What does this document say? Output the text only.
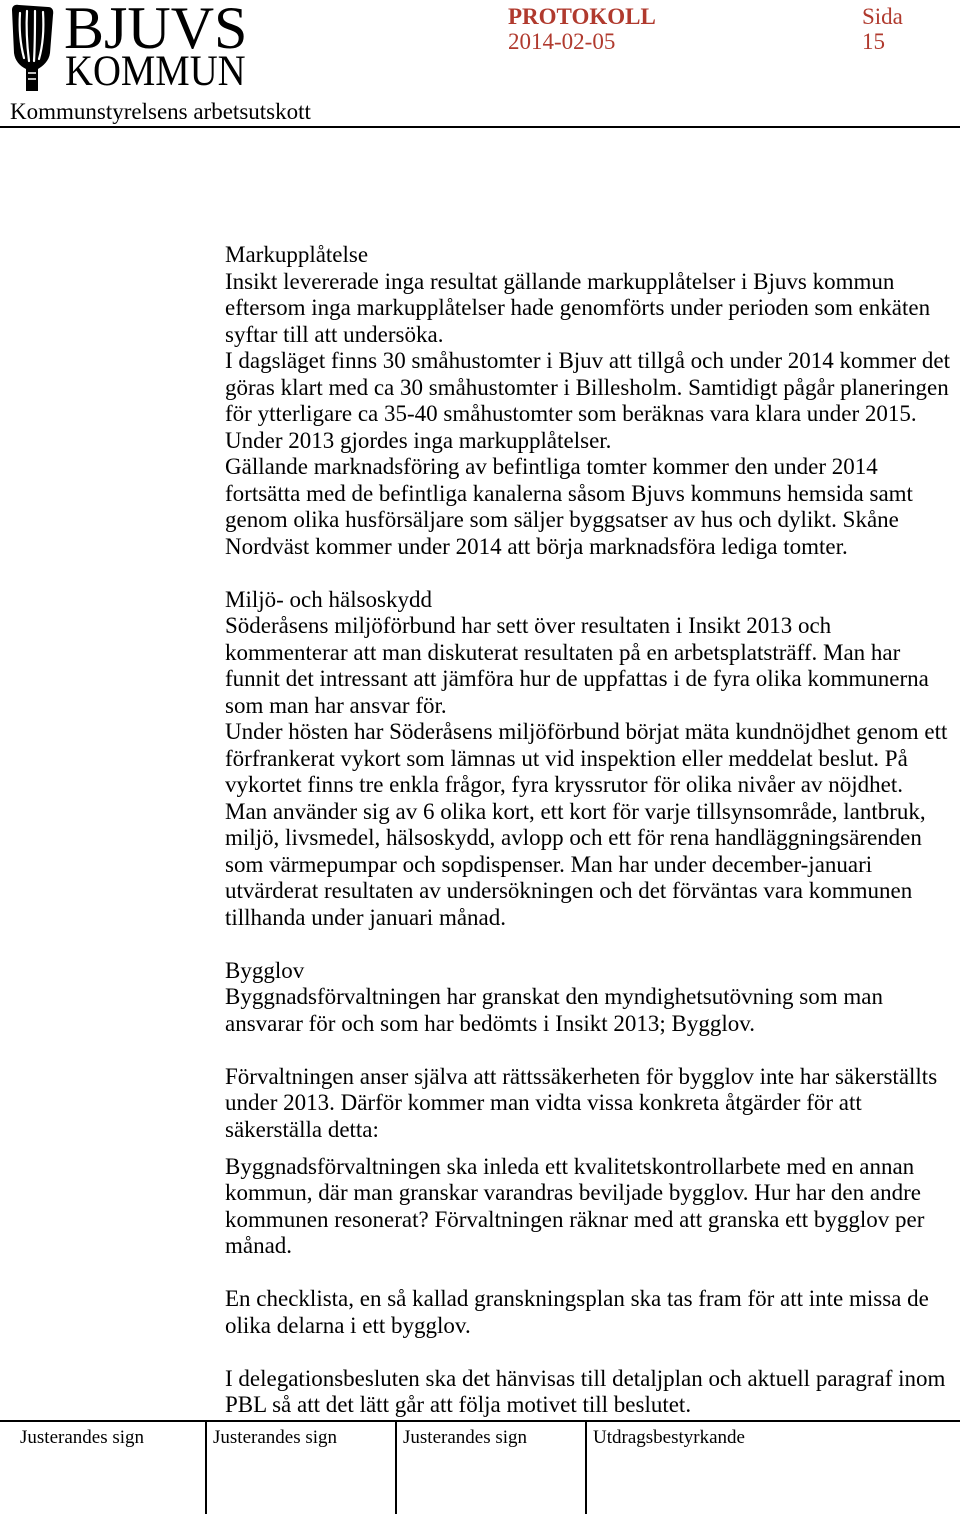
BJUVS
KOMMUN
PROTOKOLL
2014-02-05
Sida
15
Kommunstyrelsens arbetsutskott
Markupplåtelse
Insikt levererade inga resultat gällande markupplåtelser i Bjuvs kommun
eftersom inga markupplåtelser hade genomförts under perioden som enkäten
syftar till att undersöka.
I dagsläget finns 30 småhustomter i Bjuv att tillgå och under 2014 kommer det
göras klart med ca 30 småhustomter i Billesholm. Samtidigt pågår planeringen
för ytterligare ca 35-40 småhustomter som beräknas vara klara under 2015.
Under 2013 gjordes inga markupplåtelser.
Gällande marknadsföring av befintliga tomter kommer den under 2014
fortsätta med de befintliga kanalerna såsom Bjuvs kommuns hemsida samt
genom olika husförsäljare som säljer byggsatser av hus och dylikt. Skåne
Nordväst kommer under 2014 att börja marknadsföra lediga tomter.
Miljö- och hälsoskydd
Söderåsens miljöförbund har sett över resultaten i Insikt 2013 och
kommenterar att man diskuterat resultaten på en arbetsplatsträff. Man har
funnit det intressant att jämföra hur de uppfattas i de fyra olika kommunerna
som man har ansvar för.
Under hösten har Söderåsens miljöförbund börjat mäta kundnöjdhet genom ett
förfrankerat vykort som lämnas ut vid inspektion eller meddelat beslut. På
vykortet finns tre enkla frågor, fyra kryssrutor för olika nivåer av nöjdhet.
Man använder sig av 6 olika kort, ett kort för varje tillsynsområde, lantbruk,
miljö, livsmedel, hälsoskydd, avlopp och ett för rena handläggningsärenden
som värmepumpar och sopdispenser. Man har under december-januari
utvärderat resultaten av undersökningen och det förväntas vara kommunen
tillhanda under januari månad.
Bygglov
Byggnadsförvaltningen har granskat den myndighetsutövning som man
ansvarar för och som har bedömts i Insikt 2013; Bygglov.
Förvaltningen anser själva att rättssäkerheten för bygglov inte har säkerställts
under 2013. Därför kommer man vidta vissa konkreta åtgärder för att
säkerställa detta:
Byggnadsförvaltningen ska inleda ett kvalitetskontrollarbete med en annan
kommun, där man granskar varandras beviljade bygglov. Hur har den andre
kommunen resonerat? Förvaltningen räknar med att granska ett bygglov per
månad.
En checklista, en så kallad granskningsplan ska tas fram för att inte missa de
olika delarna i ett bygglov.
I delegationsbesluten ska det hänvisas till detaljplan och aktuell paragraf inom
PBL så att det lätt går att följa motivet till beslutet.
Justerandes sign	Justerandes sign	Justerandes sign	Utdragsbestyrkande
